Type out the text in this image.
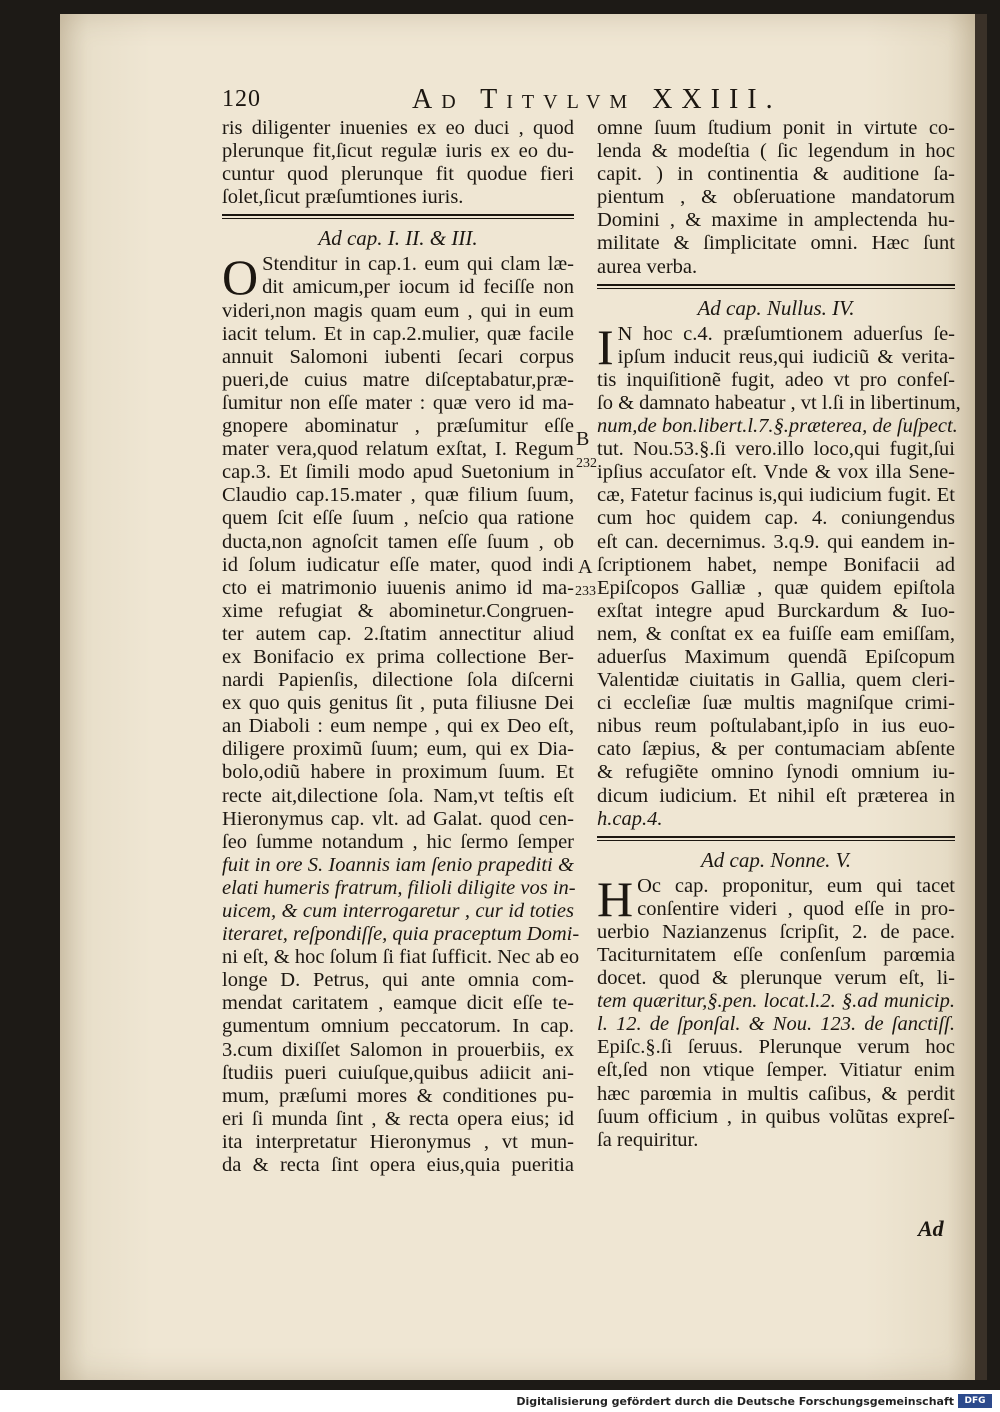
120	Ad Titvlvm XXIII.
ris diligenter inuenies ex eo duci , quod
plerunque fit,ſicut regulæ iuris ex eo du-
cuntur quod plerunque fit quodue fieri
ſolet,ſicut præſumtiones iuris.
Ad cap. I. II. & III.
O Stenditur in cap.1. eum qui clam læ-
dit amicum,per iocum id feciſſe non
videri,non magis quam eum , qui in eum
iacit telum. Et in cap.2.mulier, quæ facile
annuit Salomoni iubenti ſecari corpus
pueri,de cuius matre diſceptabatur,præ-
ſumitur non eſſe mater : quæ vero id ma-
gnopere abominatur , præſumitur eſſe
mater vera,quod relatum exſtat, I. Regum
cap.3. Et ſimili modo apud Suetonium in
Claudio cap.15.mater , quæ filium ſuum,
quem ſcit eſſe ſuum , neſcio qua ratione
ducta,non agnoſcit tamen eſſe ſuum , ob
id ſolum iudicatur eſſe mater, quod indi
cto ei matrimonio iuuenis animo id ma-
xime refugiat & abominetur.Congruen-
ter autem cap. 2.ſtatim annectitur aliud
ex Bonifacio ex prima collectione Ber-
nardi Papienſis, dilectione ſola diſcerni
ex quo quis genitus ſit , puta filiusne Dei
an Diaboli : eum nempe , qui ex Deo eſt,
diligere proximũ ſuum; eum, qui ex Dia-
bolo,odiũ habere in proximum ſuum. Et
recte ait,dilectione ſola. Nam,vt teſtis eſt
Hieronymus cap. vlt. ad Galat. quod cen-
ſeo ſumme notandum , hic ſermo ſemper
fuit in ore S. Ioannis iam ſenio prapediti &
elati humeris fratrum, filioli diligite vos in-
uicem, & cum interrogaretur , cur id toties
iteraret, reſpondiſſe, quia praceptum Domi-
ni eſt, & hoc ſolum ſi fiat ſufficit. Nec ab eo
longe D. Petrus, qui ante omnia com-
mendat caritatem , eamque dicit eſſe te-
gumentum omnium peccatorum. In cap.
3.cum dixiſſet Salomon in prouerbiis, ex
ſtudiis pueri cuiuſque,quibus adiicit ani-
mum, præſumi mores & conditiones pu-
eri ſi munda ſint , & recta opera eius; id
ita interpretatur Hieronymus , vt mun-
da & recta ſint opera eius,quia pueritia
omne ſuum ſtudium ponit in virtute co-
lenda & modeſtia ( ſic legendum in hoc
capit. ) in continentia & auditione ſa-
pientum , & obſeruatione mandatorum
Domini , & maxime in amplectenda hu-
militate & ſimplicitate omni. Hæc ſunt
aurea verba.
Ad cap. Nullus. IV.
I N hoc c.4. præſumtionem aduerſus ſe-
ipſum inducit reus,qui iudiciũ & verita-
tis inquiſitionẽ fugit, adeo vt pro confeſ-
ſo & damnato habeatur , vt l.ſi in libertinum,
num,de bon.libert.l.7.§.præterea, de ſuſpect.
tut. Nou.53.§.ſi vero.illo loco,qui fugit,ſui
ipſius accuſator eſt. Vnde & vox illa Sene-
cæ, Fatetur facinus is,qui iudicium fugit. Et
cum hoc quidem cap. 4. coniungendus
eſt can. decernimus. 3.q.9. qui eandem in-
ſcriptionem habet, nempe Bonifacii ad
Epiſcopos Galliæ , quæ quidem epiſtola
exſtat integre apud Burckardum & Iuo-
nem, & conſtat ex ea fuiſſe eam emiſſam,
aduerſus Maximum quendã Epiſcopum
Valentidæ ciuitatis in Gallia, quem cleri-
ci eccleſiæ ſuæ multis magniſque crimi-
nibus reum poſtulabant,ipſo in ius euo-
cato ſæpius, & per contumaciam abſente
& refugiẽte omnino ſynodi omnium iu-
dicum iudicium. Et nihil eſt præterea in
h.cap.4.
Ad cap. Nonne. V.
H Oc cap. proponitur, eum qui tacet
conſentire videri , quod eſſe in pro-
uerbio Nazianzenus ſcripſit, 2. de pace.
Taciturnitatem eſſe conſenſum parœmia
docet. quod & plerunque verum eſt, li-
tem quæritur,§.pen. locat.l.2. §.ad municip.
l. 12. de ſponſal. & Nou. 123. de ſanctiſſ.
Epiſc.§.ſi ſeruus. Plerunque verum hoc
eſt,ſed non vtique ſemper. Vitiatur enim
hæc parœmia in multis caſibus, & perdit
ſuum officium , in quibus volũtas expreſ-
ſa requiritur.
B
232
A
233
Ad
Digitalisierung gefördert durch die Deutsche Forschungsgemeinschaft	DFG
